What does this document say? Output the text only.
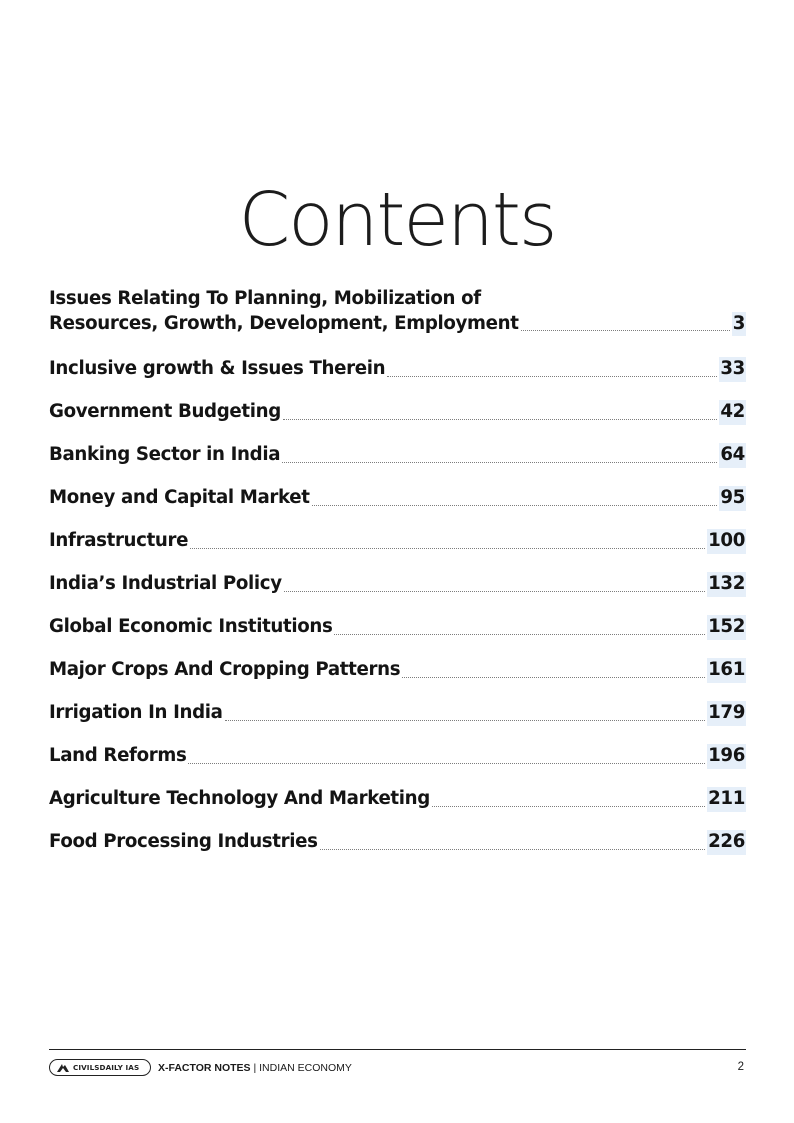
Contents
Issues Relating To Planning, Mobilization of
Resources, Growth, Development, Employment	3
Inclusive growth & Issues Therein	33
Government Budgeting	42
Banking Sector in India	64
Money and Capital Market	95
Infrastructure	100
India’s Industrial Policy	132
Global Economic Institutions	152
Major Crops And Cropping Patterns	161
Irrigation In India	179
Land Reforms	196
Agriculture Technology And Marketing	211
Food Processing Industries	226
CIVILSDAILY IAS X-FACTOR NOTES | INDIAN ECONOMY	2
